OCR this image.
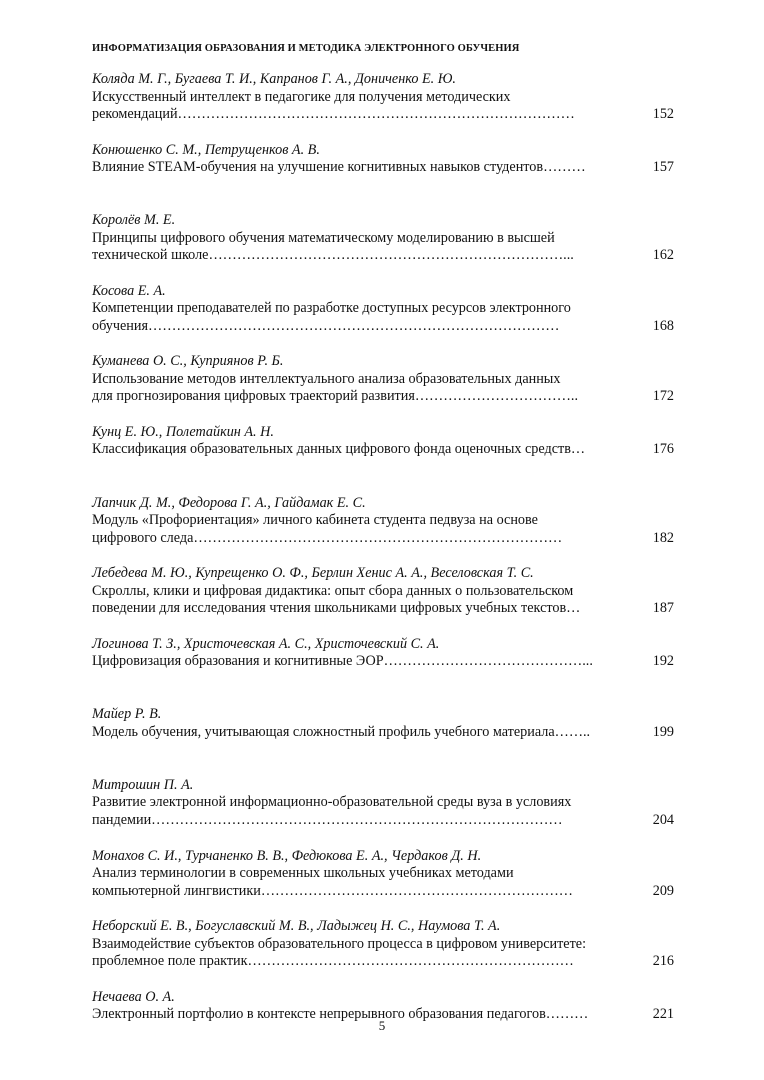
ИНФОРМАТИЗАЦИЯ ОБРАЗОВАНИЯ И МЕТОДИКА ЭЛЕКТРОННОГО ОБУЧЕНИЯ
Коляда М. Г., Бугаева Т. И., Капранов Г. А., Дониченко Е. Ю.
Искусственный интеллект в педагогике для получения методических
рекомендаций…………………………………………………………………………	152
Конюшенко С. М., Петрущенков А. В.
Влияние STEAM-обучения на улучшение когнитивных навыков студентов………	157
Королёв М. Е.
Принципы цифрового обучения математическому моделированию в высшей
технической школе…………………………………………………………………...	162
Косова Е. А.
Компетенции преподавателей по разработке доступных ресурсов электронного
обучения……………………………………………………………………………	168
Куманева О. С., Куприянов Р. Б.
Использование методов интеллектуального анализа образовательных данных
для прогнозирования цифровых траекторий развития……………………………..	172
Кунц Е. Ю., Полетайкин А. Н.
Классификация образовательных данных цифрового фонда оценочных средств…	176
Лапчик Д. М., Федорова Г. А., Гайдамак Е. С.
Модуль «Профориентация» личного кабинета студента педвуза на основе
цифрового следа……………………………………………………………………	182
Лебедева М. Ю., Купрещенко О. Ф., Берлин Хенис А. А., Веселовская Т. С.
Скроллы, клики и цифровая дидактика: опыт сбора данных о пользовательском
поведении для исследования чтения школьниками цифровых учебных текстов…	187
Логинова Т. З., Христочевская А. С., Христочевский С. А.
Цифровизация образования и когнитивные ЭОР……………………………………...	192
Майер Р. В.
Модель обучения, учитывающая сложностный профиль учебного материала……..	199
Митрошин П. А.
Развитие электронной информационно-образовательной среды вуза в условиях
пандемии……………………………………………………………………………	204
Монахов С. И., Турчаненко В. В., Федюкова Е. А., Чердаков Д. Н.
Анализ терминологии в современных школьных учебниках методами
компьютерной лингвистики…………………………………………………………	209
Неборский Е. В., Богуславский М. В., Ладыжец Н. С., Наумова Т. А.
Взаимодействие субъектов образовательного процесса в цифровом университете:
проблемное поле практик……………………………………………………………	216
Нечаева О. А.
Электронный портфолио в контексте непрерывного образования педагогов………	221
5
